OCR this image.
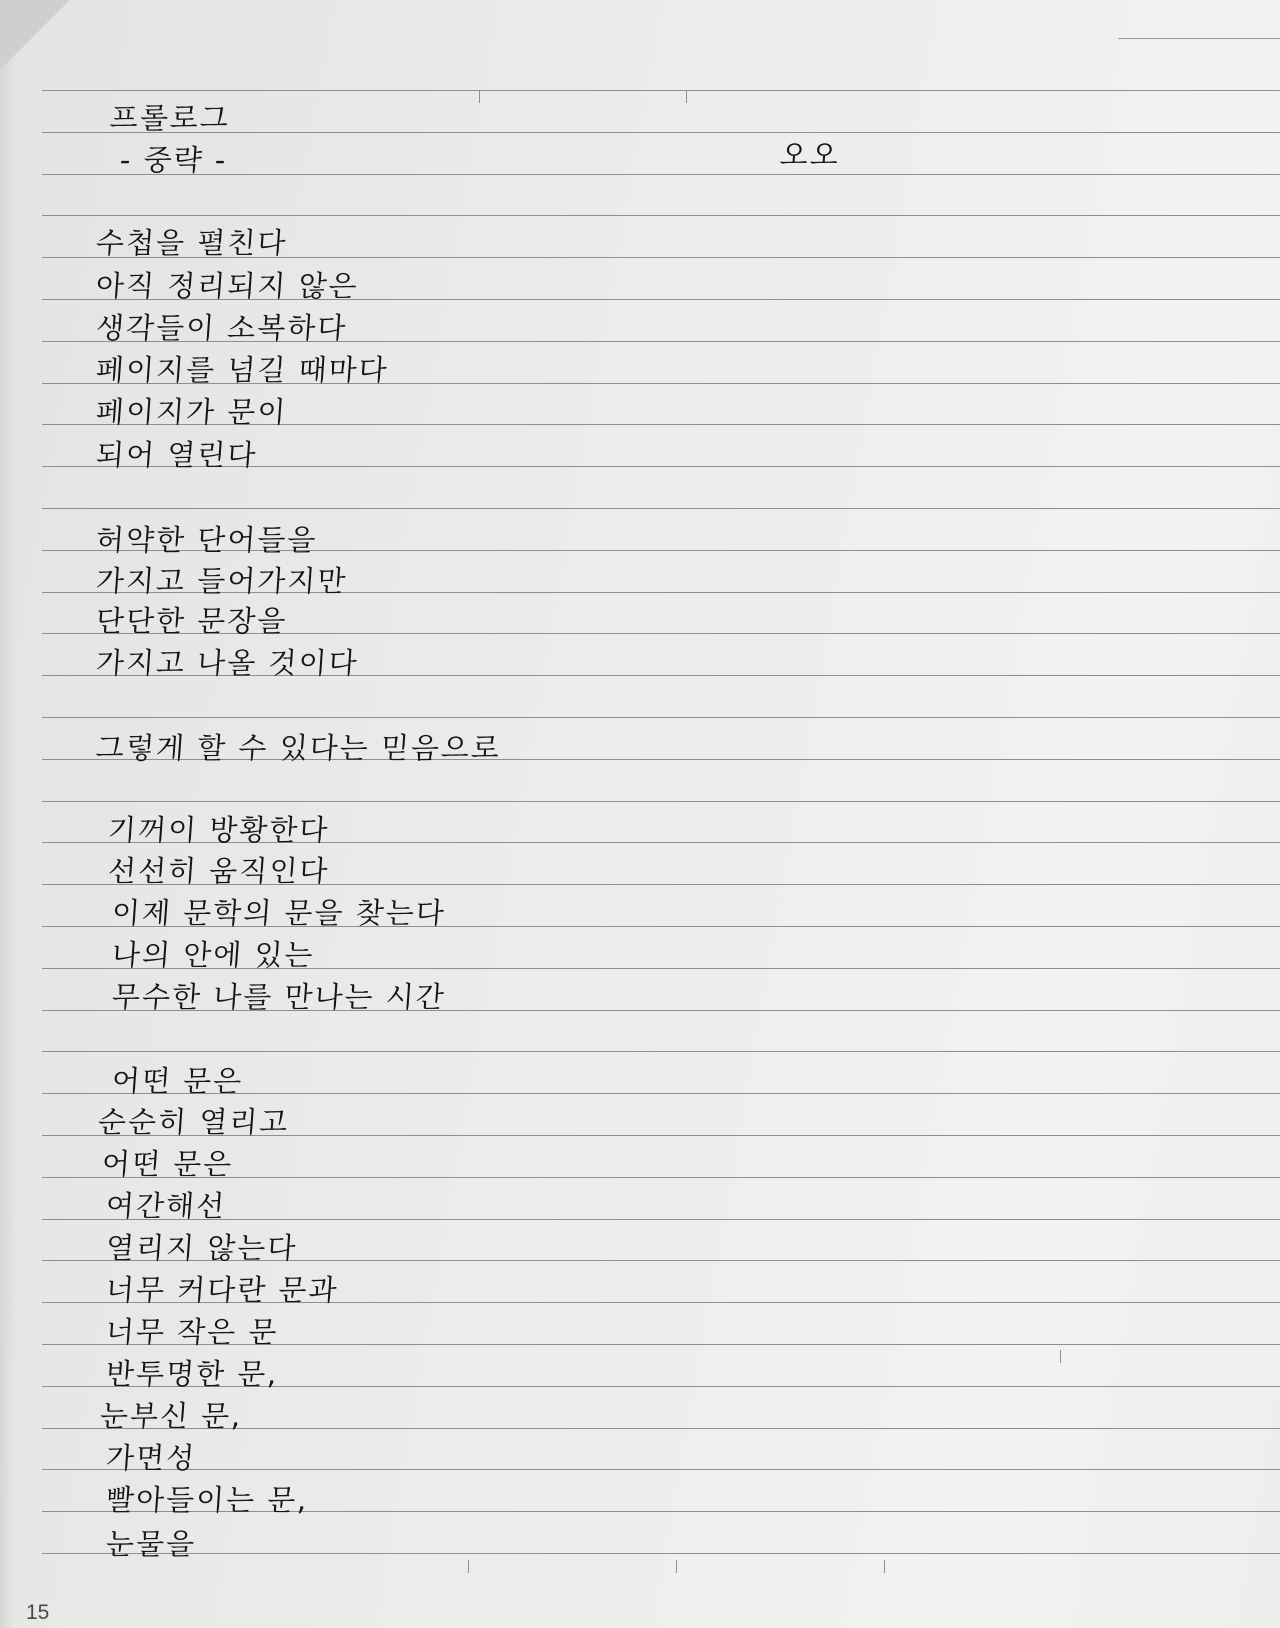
프롤로그

- 중략 -	오오

수첩을 펼친다

아직 정리되지 않은

생각들이 소복하다

페이지를 넘길 때마다

페이지가 문이

되어 열린다

허약한 단어들을

가지고 들어가지만

단단한 문장을

가지고 나올 것이다

그렇게 할 수 있다는 믿음으로

기꺼이 방황한다

선선히 움직인다

이제 문학의 문을 찾는다

나의 안에 있는

무수한 나를 만나는 시간

어떤 문은

순순히 열리고

어떤 문은

여간해선

열리지 않는다

너무 커다란 문과

너무 작은 문

반투명한 문,

눈부신 문,

가면성

빨아들이는 문,

눈물을

15
